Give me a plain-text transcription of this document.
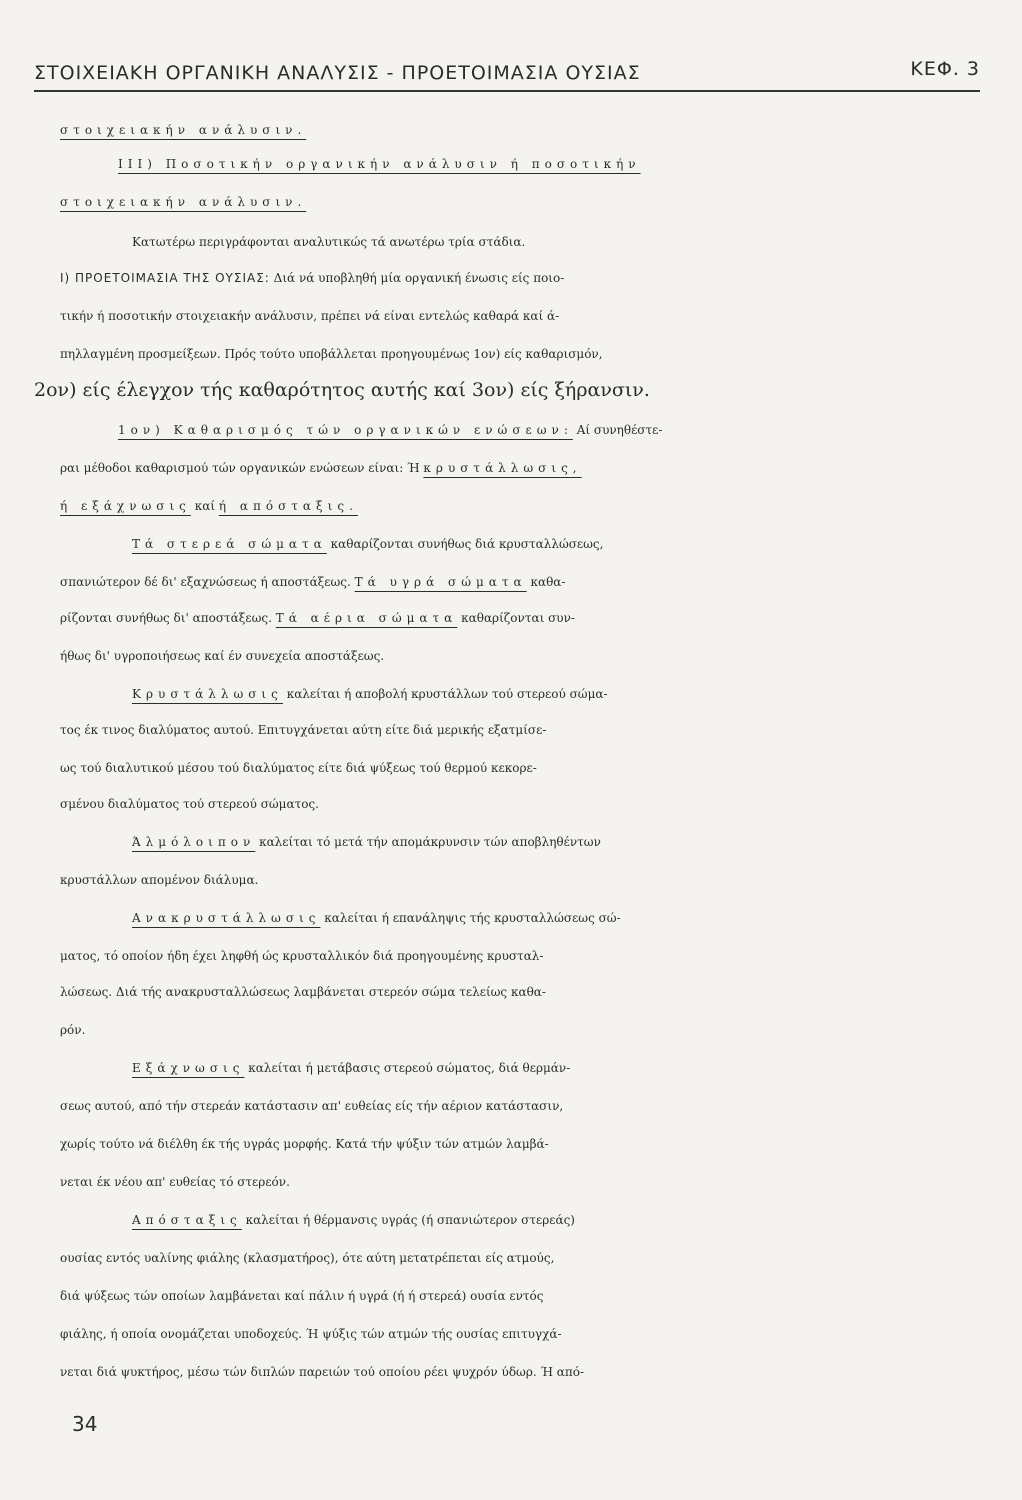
ΣΤΟΙΧΕΙΑΚΗ ΟΡΓΑΝΙΚΗ ΑΝΑΛΥΣΙΣ - ΠΡΟΕΤΟΙΜΑΣΙΑ ΟΥΣΙΑΣ	ΚΕΦ. 3
στοιχειακήν ανάλυσιν.
III) Ποσοτικήν οργανικήν ανάλυσιν ή ποσοτικήν
στοιχειακήν ανάλυσιν.
Κατωτέρω περιγράφονται αναλυτικώς τά ανωτέρω τρία στάδια.
I) ΠΡΟΕΤΟΙΜΑΣΙΑ ΤΗΣ ΟΥΣΙΑΣ: Διά νά υποβληθή μία οργανική ένωσις είς ποιο-
τικήν ή ποσοτικήν στοιχειακήν ανάλυσιν, πρέπει νά είναι εντελώς καθαρά καί ά-
πηλλαγμένη προσμείξεων. Πρός τούτο υποβάλλεται προηγουμένως 1ον) είς καθαρισμόν,
2ον) είς έλεγχον τής καθαρότητος αυτής καί 3ον) είς ξήρανσιν.
1ον) Καθαρισμός τών οργανικών ενώσεων: Αί συνηθέστε-
ραι μέθοδοι καθαρισμού τών οργανικών ενώσεων είναι: Ή κρυστάλλωσις,
ή εξάχνωσις καί ή απόσταξις.
Τά στερεά σώματα καθαρίζονται συνήθως διά κρυσταλλώσεως,
σπανιώτερον δέ δι' εξαχνώσεως ή αποστάξεως. Τά υγρά σώματα καθα-
ρίζονται συνήθως δι' αποστάξεως. Τά αέρια σώματα καθαρίζονται συν-
ήθως δι' υγροποιήσεως καί έν συνεχεία αποστάξεως.
Κρυστάλλωσις καλείται ή αποβολή κρυστάλλων τού στερεού σώμα-
τος έκ τινος διαλύματος αυτού. Επιτυγχάνεται αύτη είτε διά μερικής εξατμίσε-
ως τού διαλυτικού μέσου τού διαλύματος είτε διά ψύξεως τού θερμού κεκορε-
σμένου διαλύματος τού στερεού σώματος.
Άλμόλοιπον καλείται τό μετά τήν απομάκρυνσιν τών αποβληθέντων
κρυστάλλων απομένον διάλυμα.
Ανακρυστάλλωσις καλείται ή επανάληψις τής κρυσταλλώσεως σώ-
ματος, τό οποίον ήδη έχει ληφθή ώς κρυσταλλικόν διά προηγουμένης κρυσταλ-
λώσεως. Διά τής ανακρυσταλλώσεως λαμβάνεται στερεόν σώμα τελείως καθα-
ρόν.
Εξάχνωσις καλείται ή μετάβασις στερεού σώματος, διά θερμάν-
σεως αυτού, από τήν στερεάν κατάστασιν απ' ευθείας είς τήν αέριον κατάστασιν,
χωρίς τούτο νά διέλθη έκ τής υγράς μορφής. Κατά τήν ψύξιν τών ατμών λαμβά-
νεται έκ νέου απ' ευθείας τό στερεόν.
Απόσταξις καλείται ή θέρμανσις υγράς (ή σπανιώτερον στερεάς)
ουσίας εντός υαλίνης φιάλης (κλασματήρος), ότε αύτη μετατρέπεται είς ατμούς,
διά ψύξεως τών οποίων λαμβάνεται καί πάλιν ή υγρά (ή ή στερεά) ουσία εντός
φιάλης, ή οποία ονομάζεται υποδοχεύς. Ή ψύξις τών ατμών τής ουσίας επιτυγχά-
νεται διά ψυκτήρος, μέσω τών διπλών παρειών τού οποίου ρέει ψυχρόν ύδωρ. Ή από-
34
